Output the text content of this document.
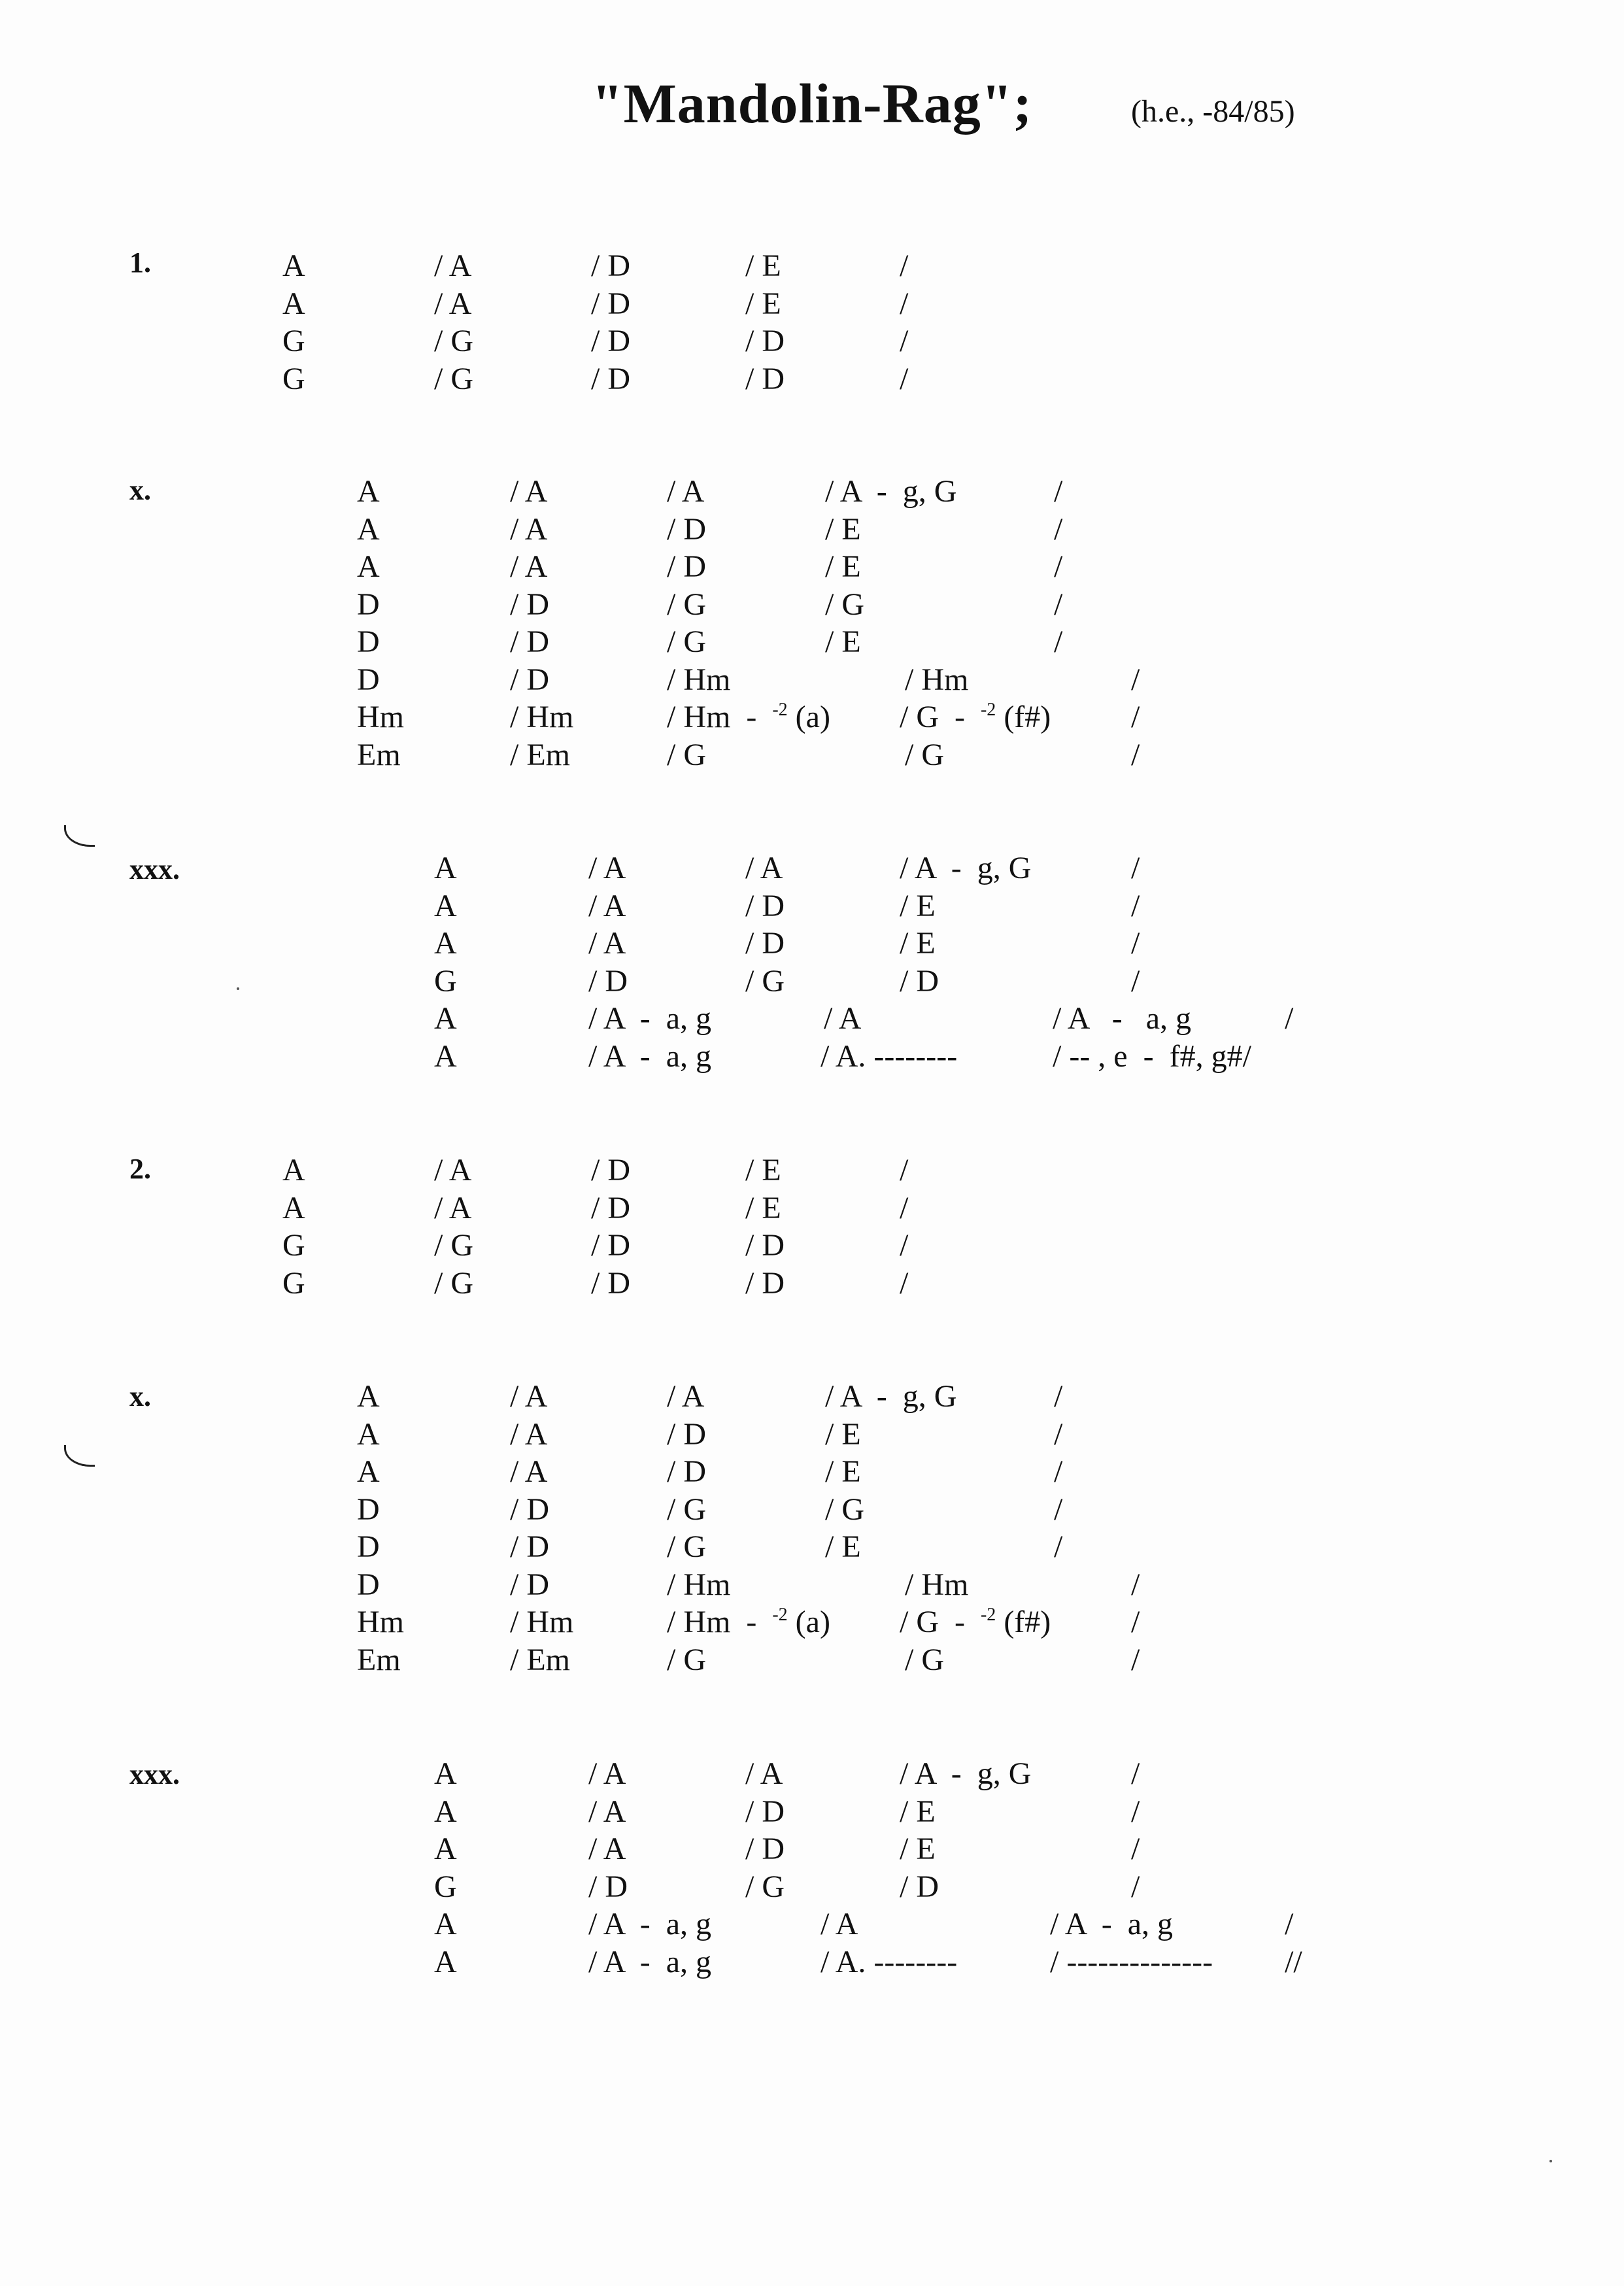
"Mandolin-Rag";	(h.e., -84/85)
1.	A	/ A	/ D	/ E	/
A	/ A	/ D	/ E	/
G	/ G	/ D	/ D	/
G	/ G	/ D	/ D	/
x.	A	/ A	/ A	/ A  -  g, G	/
A	/ A	/ D	/ E	/
A	/ A	/ D	/ E	/
D	/ D	/ G	/ G	/
D	/ D	/ G	/ E	/
D	/ D	/ Hm	/ Hm	/
Hm	/ Hm	/ Hm  -  $^{-2}$ (a) / G  -  $^{-2}$ (f#)	/
Em	/ Em	/ G	/ G	/
xxx.	A	/ A	/ A	/ A  -  g, G	/
A	/ A	/ D	/ E	/
A	/ A	/ D	/ E	/
G	/ D	/ G	/ D	/
A	/ A  -  a, g	/ A	/ A   -   a, g	/
A	/ A  -  a, g	/ A. --------	/ -- , e  -  f#, g#/
2.	A	/ A	/ D	/ E	/
A	/ A	/ D	/ E	/
G	/ G	/ D	/ D	/
G	/ G	/ D	/ D	/
x.	A	/ A	/ A	/ A  -  g, G	/
A	/ A	/ D	/ E	/
A	/ A	/ D	/ E	/
D	/ D	/ G	/ G	/
D	/ D	/ G	/ E	/
D	/ D	/ Hm	/ Hm	/
Hm	/ Hm	/ Hm  -  $^{-2}$ (a) / G  -  $^{-2}$ (f#)	/
Em	/ Em	/ G	/ G	/
xxx.	A	/ A	/ A	/ A  -  g, G	/
A	/ A	/ D	/ E	/
A	/ A	/ D	/ E	/
G	/ D	/ G	/ D	/
A	/ A  -  a, g	/ A	/ A  -  a, g	/
A	/ A  -  a, g	/ A. --------	/ -------------- //
